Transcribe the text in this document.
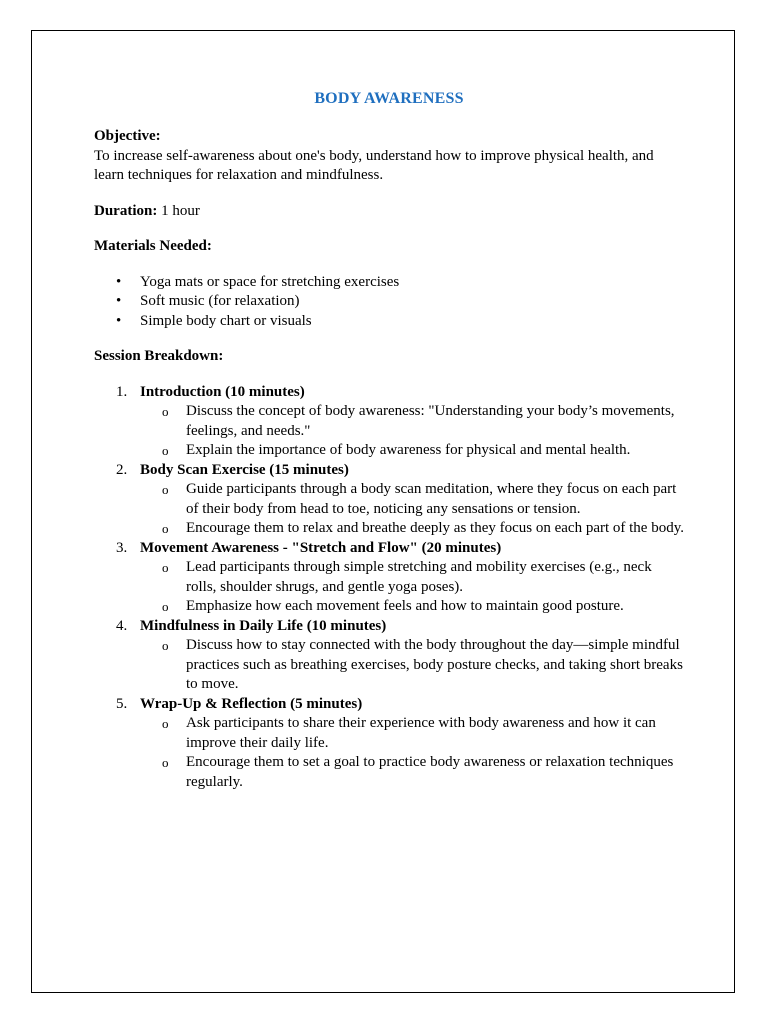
BODY AWARENESS

Objective:

To increase self-awareness about one's body, understand how to improve physical health, and learn techniques for relaxation and mindfulness.

Duration: 1 hour

Materials Needed:

• Yoga mats or space for stretching exercises
• Soft music (for relaxation)
• Simple body chart or visuals

Session Breakdown:

1. Introduction (10 minutes)
o Discuss the concept of body awareness: "Understanding your body’s movements, feelings, and needs."
o Explain the importance of body awareness for physical and mental health.
2. Body Scan Exercise (15 minutes)
o Guide participants through a body scan meditation, where they focus on each part of their body from head to toe, noticing any sensations or tension.
o Encourage them to relax and breathe deeply as they focus on each part of the body.
3. Movement Awareness - "Stretch and Flow" (20 minutes)
o Lead participants through simple stretching and mobility exercises (e.g., neck rolls, shoulder shrugs, and gentle yoga poses).
o Emphasize how each movement feels and how to maintain good posture.
4. Mindfulness in Daily Life (10 minutes)
o Discuss how to stay connected with the body throughout the day—simple mindful practices such as breathing exercises, body posture checks, and taking short breaks to move.
5. Wrap-Up & Reflection (5 minutes)
o Ask participants to share their experience with body awareness and how it can improve their daily life.
o Encourage them to set a goal to practice body awareness or relaxation techniques regularly.
